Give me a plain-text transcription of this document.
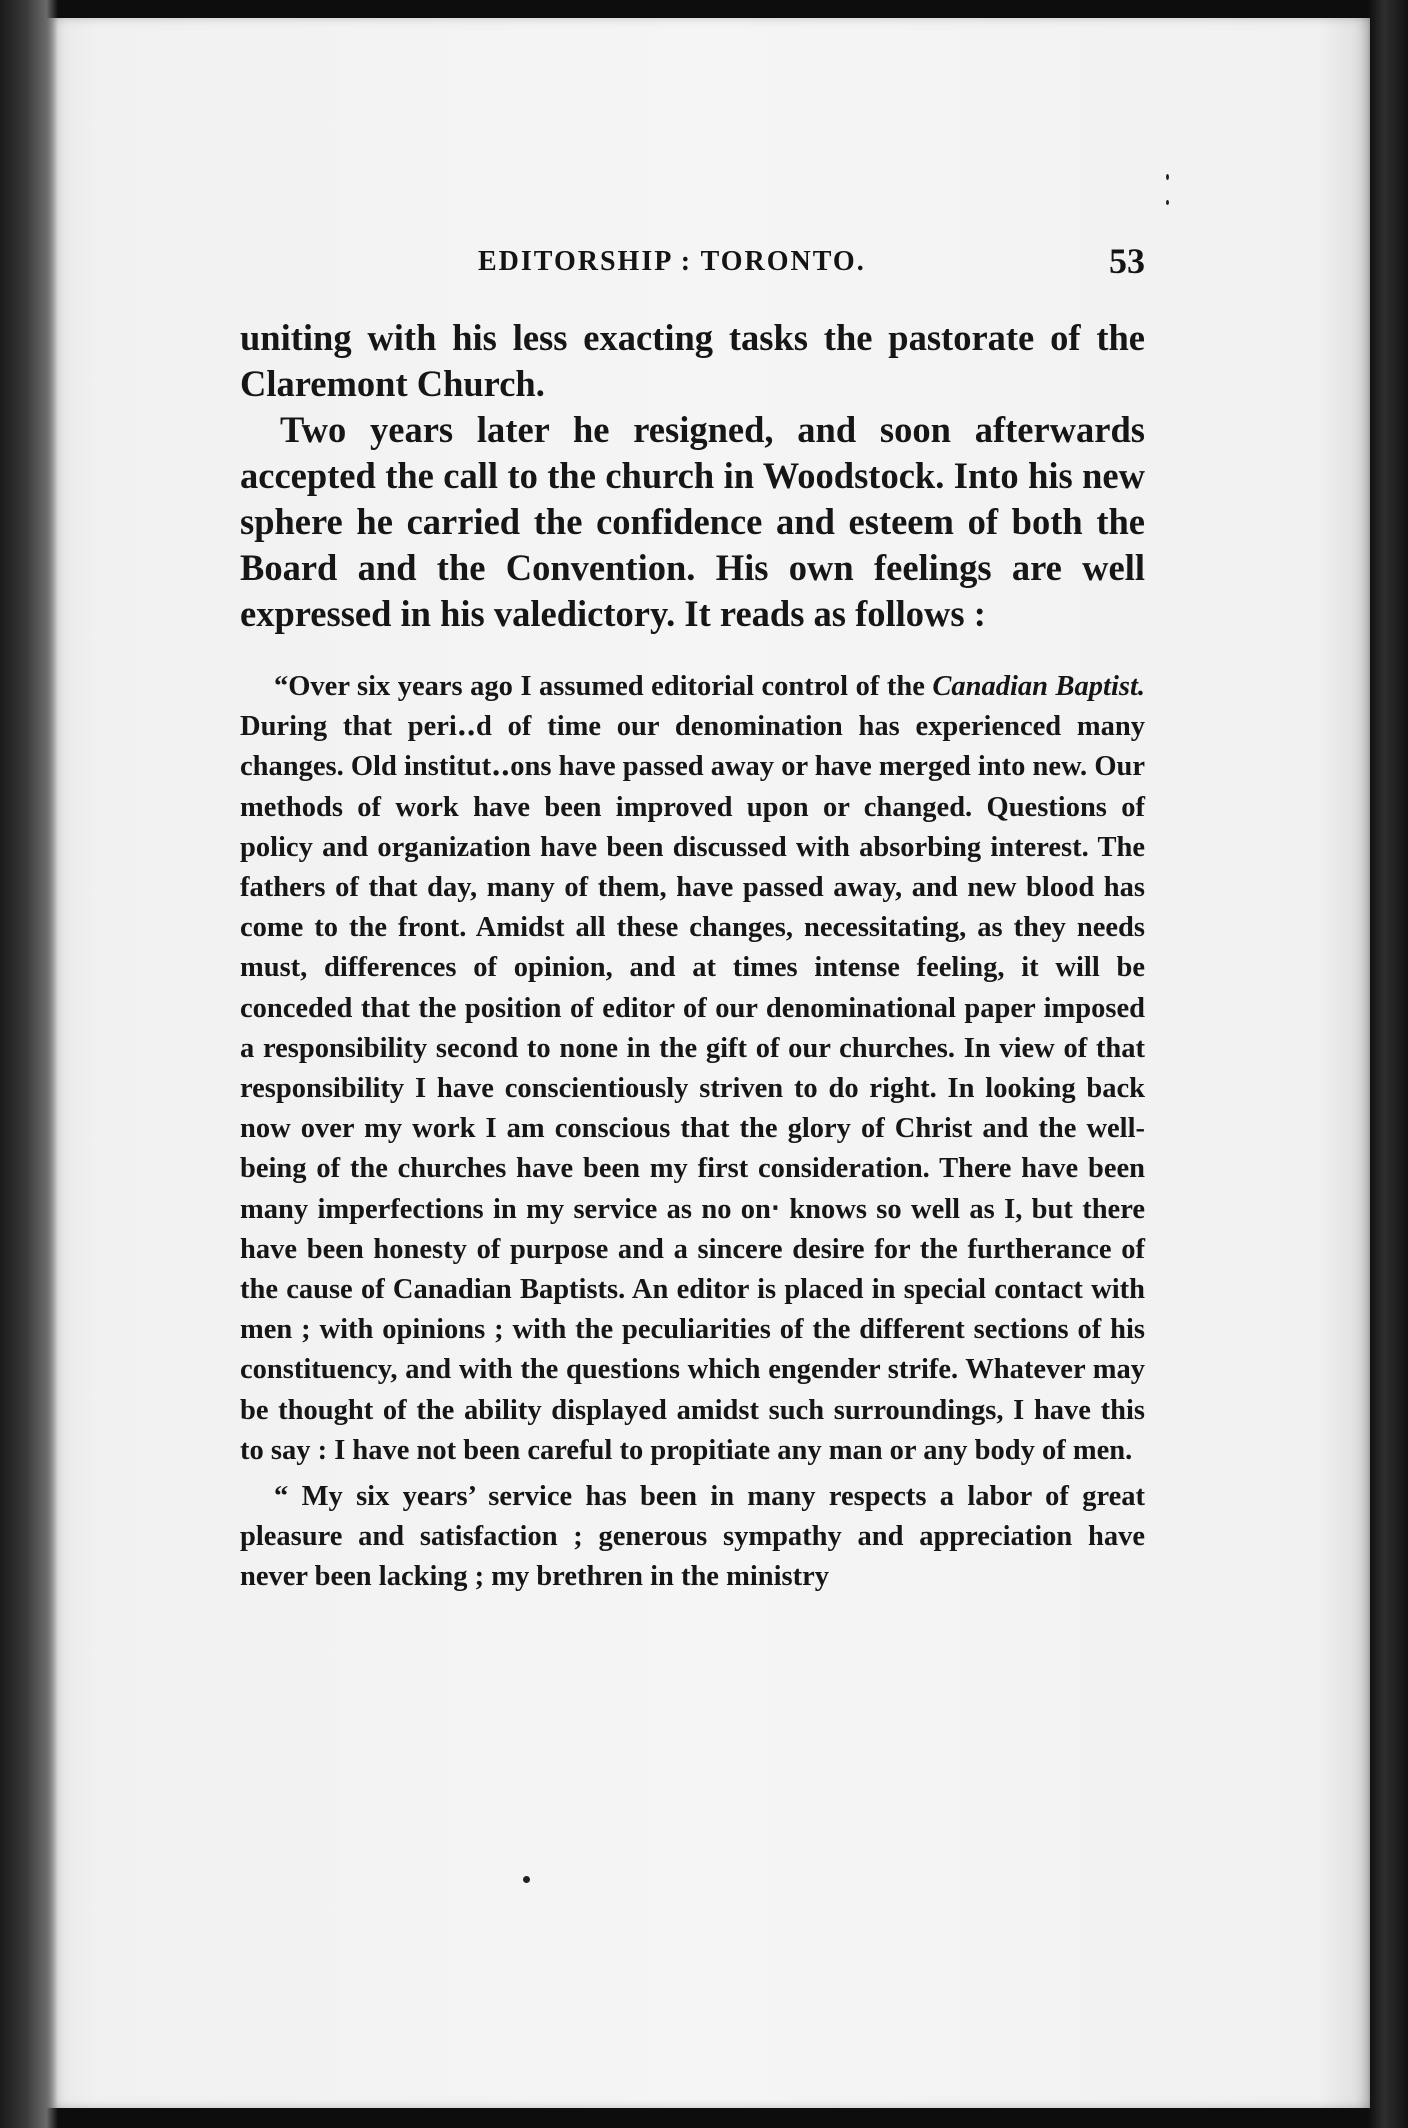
EDITORSHIP : TORONTO.	53

uniting with his less exacting tasks the pastorate of the Claremont Church.

Two years later he resigned, and soon afterwards accepted the call to the church in Woodstock. Into his new sphere he carried the confidence and esteem of both the Board and the Convention. His own feelings are well expressed in his valedictory. It reads as follows :

“Over six years ago I assumed editorial control of the Canadian Baptist. During that peri‥d of time our denomination has experienced many changes. Old institut‥ons have passed away or have merged into new. Our methods of work have been improved upon or changed. Questions of policy and organization have been discussed with absorbing interest. The fathers of that day, many of them, have passed away, and new blood has come to the front. Amidst all these changes, necessitating, as they needs must, differences of opinion, and at times intense feeling, it will be conceded that the position of editor of our denominational paper imposed a responsibility second to none in the gift of our churches. In view of that responsibility I have conscientiously striven to do right. In looking back now over my work I am conscious that the glory of Christ and the well-being of the churches have been my first consideration. There have been many imperfections in my service as no on‧ knows so well as I, but there have been honesty of purpose and a sincere desire for the furtherance of the cause of Canadian Baptists. An editor is placed in special contact with men ; with opinions ; with the peculiarities of the different sections of his constituency, and with the questions which engender strife. Whatever may be thought of the ability displayed amidst such surroundings, I have this to say : I have not been careful to propitiate any man or any body of men.

“ My six years’ service has been in many respects a labor of great pleasure and satisfaction ; generous sympathy and appreciation have never been lacking ; my brethren in the ministry
